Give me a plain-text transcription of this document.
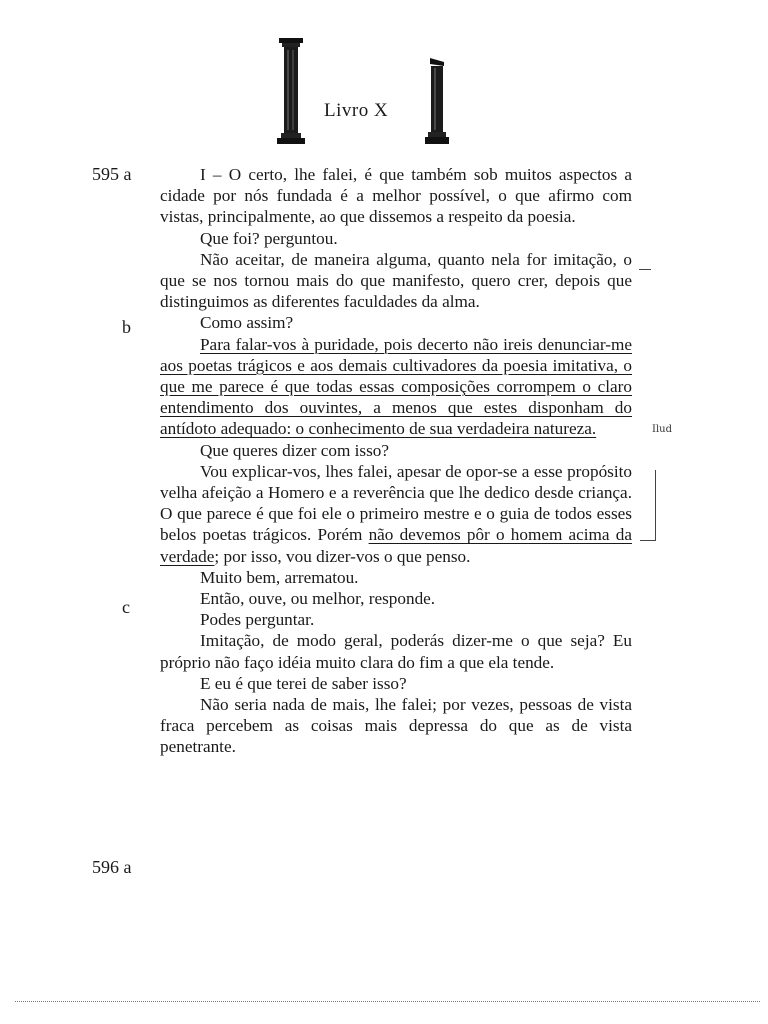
Livro X
595 a
b
c
596 a

I – O certo, lhe falei, é que também sob muitos aspectos a cidade por nós fundada é a melhor possível, o que afirmo com vistas, principalmente, ao que dissemos a respeito da poesia.

Que foi? perguntou.

Não aceitar, de maneira alguma, quanto nela for imitação, o que se nos tornou mais do que manifesto, quero crer, depois que distinguimos as diferentes faculdades da alma.

Como assim?

Para falar-vos à puridade, pois decerto não ireis denunciar-me aos poetas trágicos e aos demais cultivadores da poesia imitativa, o que me parece é que todas essas composições corrompem o claro entendimento dos ouvintes, a menos que estes disponham do antídoto adequado: o conhecimento de sua verdadeira natureza.

Que queres dizer com isso?

Vou explicar-vos, lhes falei, apesar de opor-se a esse propósito velha afeição a Homero e a reverência que lhe dedico desde criança. O que parece é que foi ele o primeiro mestre e o guia de todos esses belos poetas trágicos. Porém não devemos pôr o homem acima da verdade; por isso, vou dizer-vos o que penso.

Muito bem, arrematou.

Então, ouve, ou melhor, responde.

Podes perguntar.

Imitação, de modo geral, poderás dizer-me o que seja? Eu próprio não faço idéia muito clara do fim a que ela tende.

E eu é que terei de saber isso?

Não seria nada de mais, lhe falei; por vezes, pessoas de vista fraca percebem as coisas mais depressa do que as de vista penetrante.

Ilud
